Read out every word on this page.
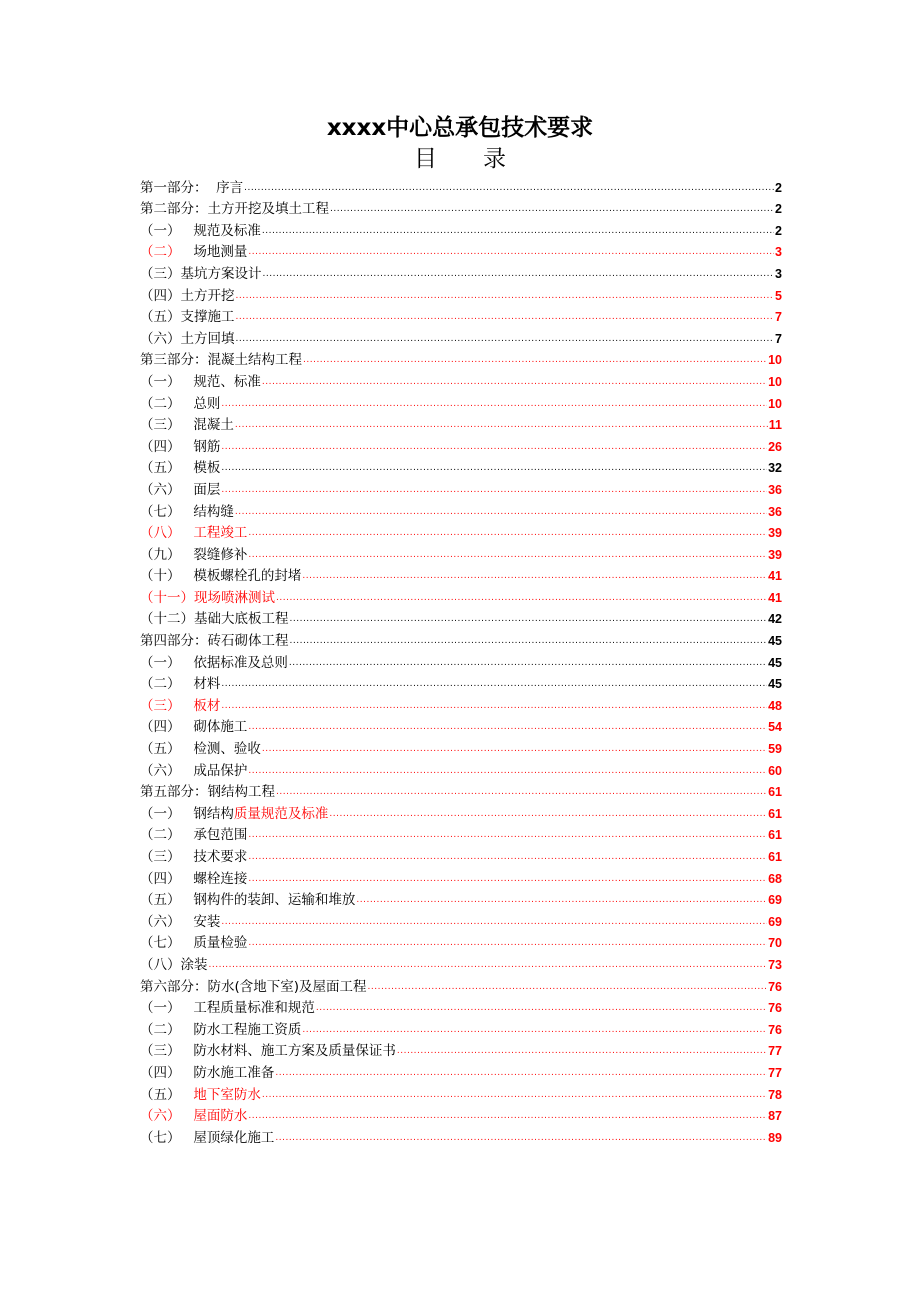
xxxx中心总承包技术要求
目　　录
第一部分：  序言 .....	2
第二部分：土方开挖及填土工程 .....	2
（一）   规范及标准 .....	2
（二）   场地测量 .....	3
（三）基坑方案设计 .....	3
（四）土方开挖 .....	5
（五）支撑施工 .....	7
（六）土方回填 .....	7
第三部分：混凝土结构工程 .....	10
（一）   规范、标准 .....	10
（二）   总则 .....	10
（三）   混凝土 .....	11
（四）   钢筋 .....	26
（五）   模板 .....	32
（六）   面层 .....	36
（七）   结构缝 .....	36
（八）   工程竣工 .....	39
（九）   裂缝修补 .....	39
（十）   模板螺栓孔的封堵 .....	41
（十一）现场喷淋测试 .....	41
（十二）基础大底板工程 .....	42
第四部分：砖石砌体工程 .....	45
（一）   依据标准及总则 .....	45
（二）   材料 .....	45
（三）   板材 .....	48
（四）   砌体施工 .....	54
（五）   检测、验收 .....	59
（六）   成品保护 .....	60
第五部分：钢结构工程 .....	61
（一）   钢结构质量规范及标准 .....	61
（二）   承包范围 .....	61
（三）   技术要求 .....	61
（四）   螺栓连接 .....	68
（五）   钢构件的装卸、运输和堆放 .....	69
（六）   安装 .....	69
（七）   质量检验 .....	70
（八）涂装 .....	73
第六部分：防水(含地下室)及屋面工程 .....	76
（一）   工程质量标准和规范 .....	76
（二）   防水工程施工资质 .....	76
（三）   防水材料、施工方案及质量保证书 .....	77
（四）   防水施工准备 .....	77
（五）   地下室防水 .....	78
（六） 屋面防水 .....	87
（七）   屋顶绿化施工 .....	89
